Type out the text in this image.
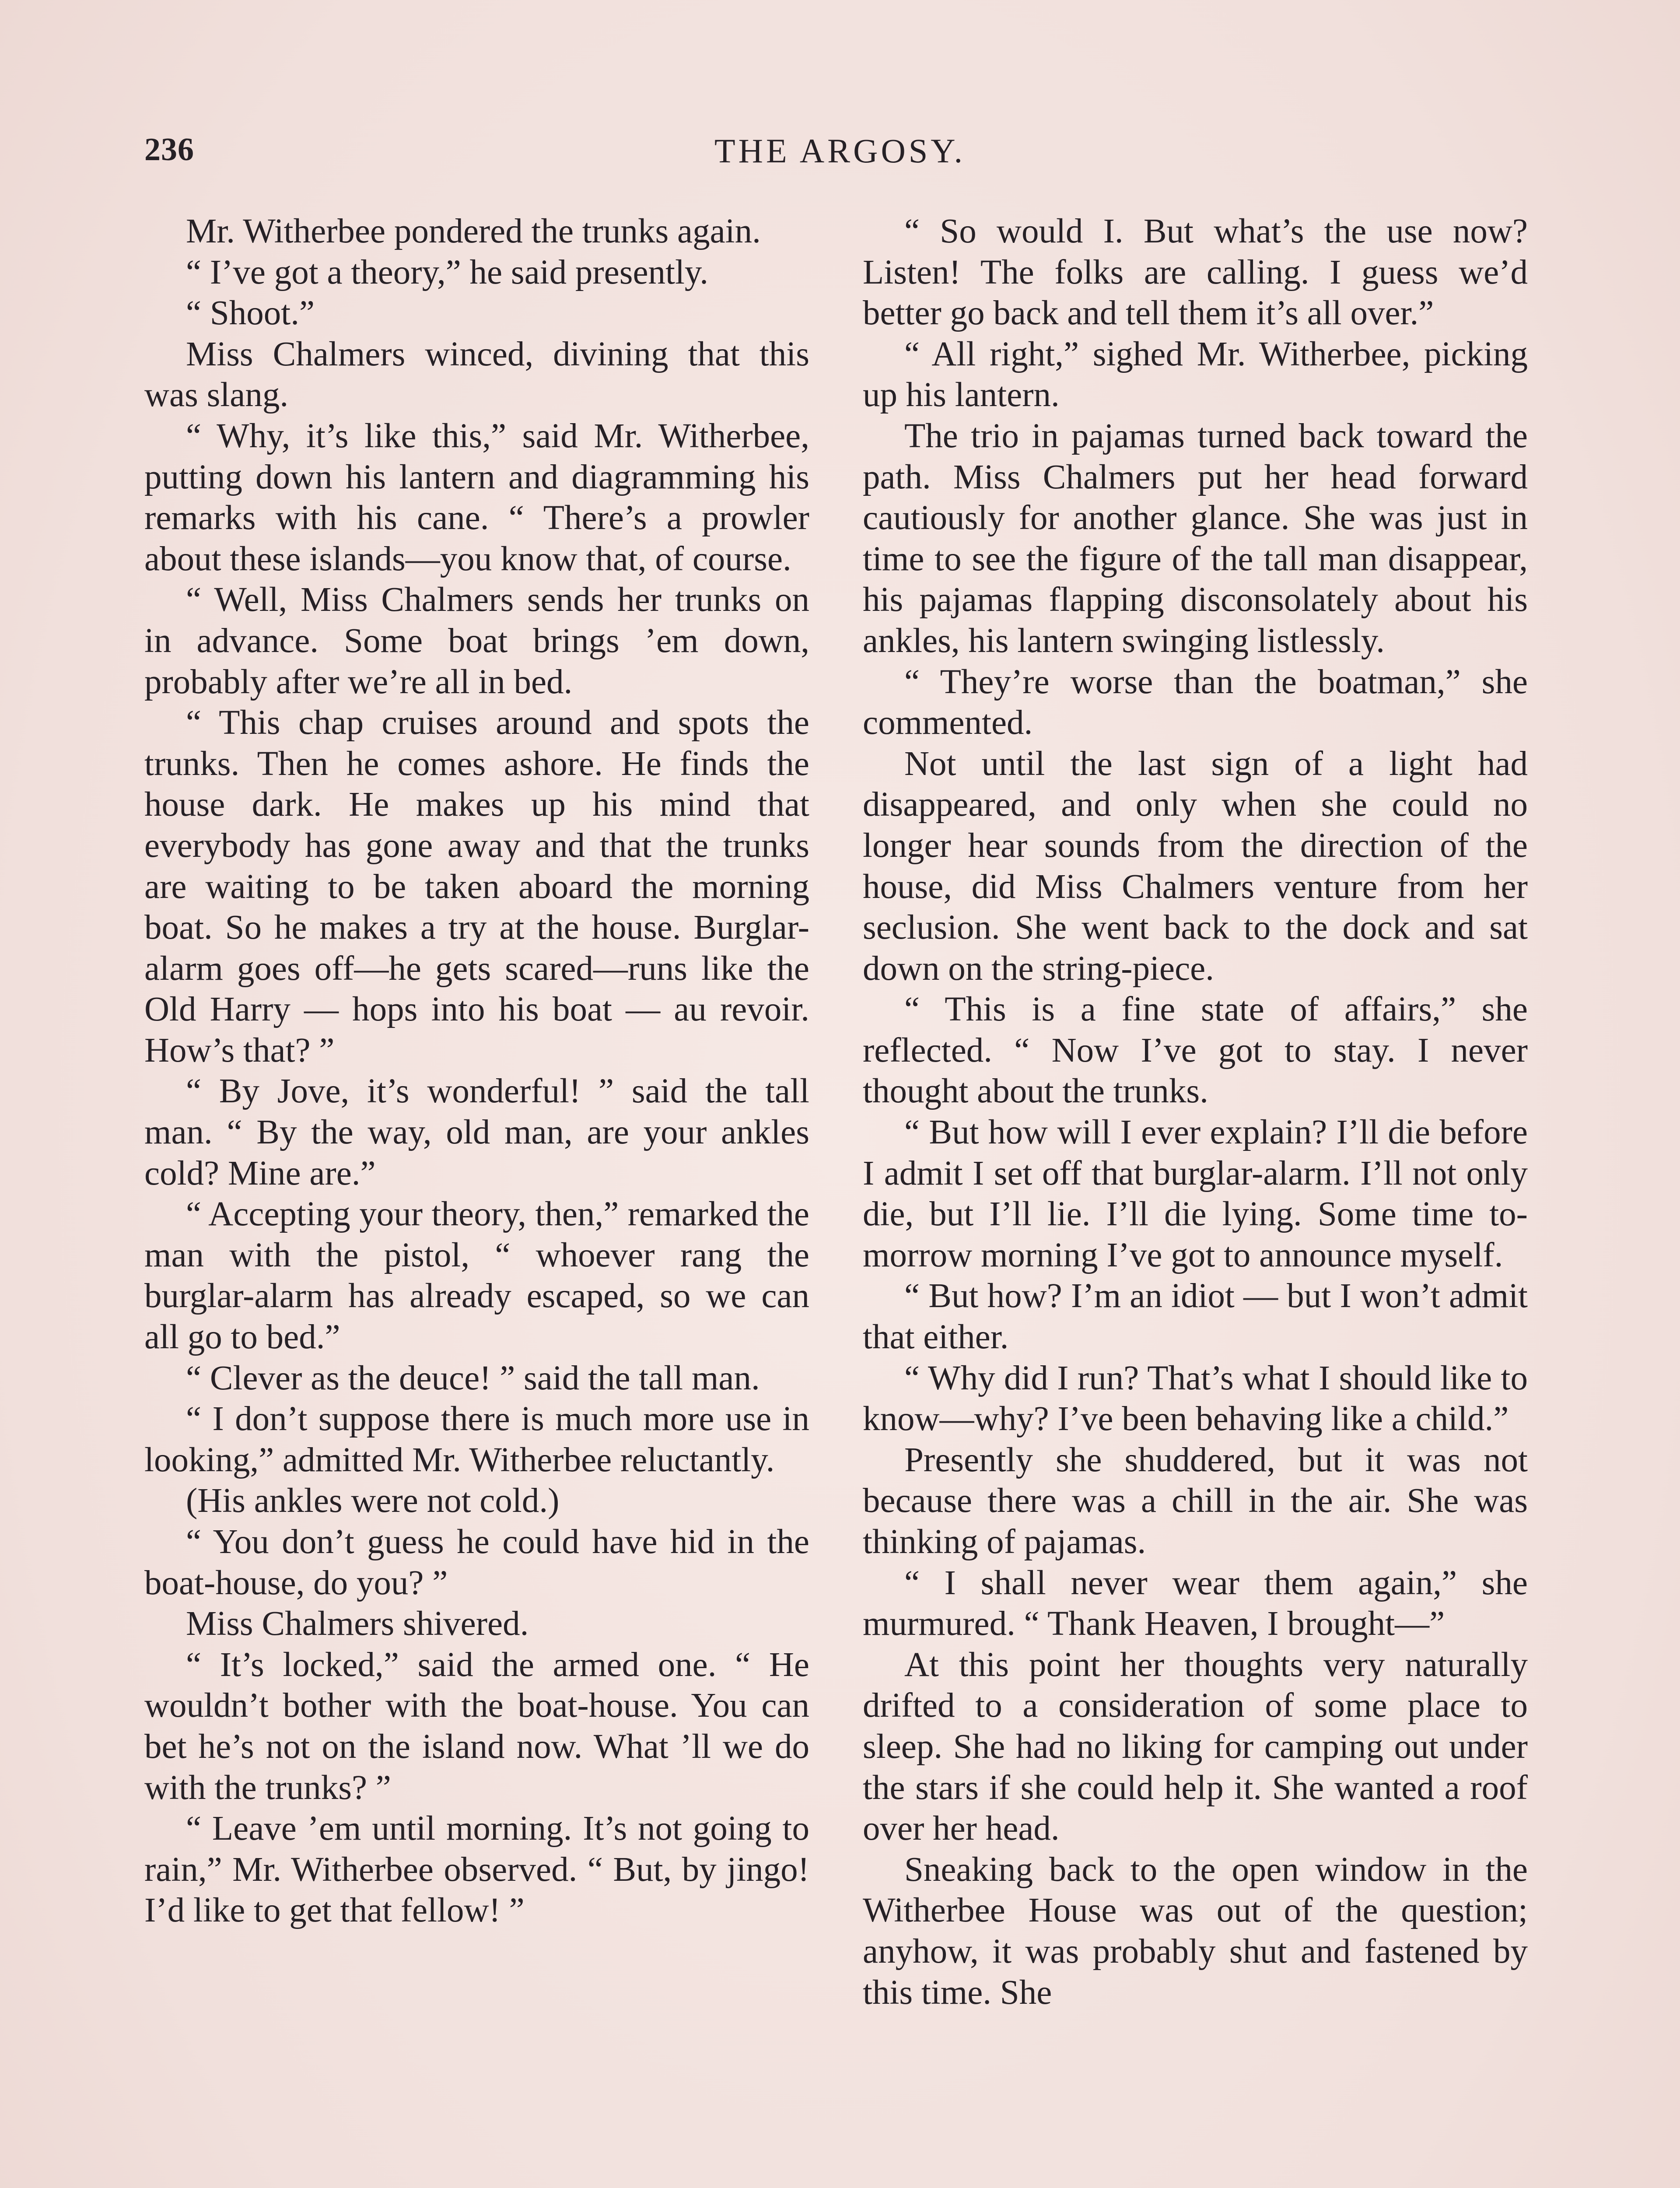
236	THE ARGOSY.

Mr. Witherbee pondered the trunks again.

“ I’ve got a theory,” he said presently.

“ Shoot.”

Miss Chalmers winced, divining that this was slang.

“ Why, it’s like this,” said Mr. Witherbee, putting down his lantern and diagramming his remarks with his cane. “ There’s a prowler about these islands—you know that, of course.

“ Well, Miss Chalmers sends her trunks on in advance. Some boat brings ’em down, probably after we’re all in bed.

“ This chap cruises around and spots the trunks. Then he comes ashore. He finds the house dark. He makes up his mind that everybody has gone away and that the trunks are waiting to be taken aboard the morning boat. So he makes a try at the house. Burglar-alarm goes off—he gets scared—runs like the Old Harry — hops into his boat — au revoir. How’s that? ”

“ By Jove, it’s wonderful! ” said the tall man. “ By the way, old man, are your ankles cold? Mine are.”

“ Accepting your theory, then,” remarked the man with the pistol, “ whoever rang the burglar-alarm has already escaped, so we can all go to bed.”

“ Clever as the deuce! ” said the tall man.

“ I don’t suppose there is much more use in looking,” admitted Mr. Witherbee reluctantly.

(His ankles were not cold.)

“ You don’t guess he could have hid in the boat-house, do you? ”

Miss Chalmers shivered.

“ It’s locked,” said the armed one. “ He wouldn’t bother with the boat-house. You can bet he’s not on the island now. What ’ll we do with the trunks? ”

“ Leave ’em until morning. It’s not going to rain,” Mr. Witherbee observed. “ But, by jingo! I’d like to get that fellow! ”

“ So would I. But what’s the use now? Listen! The folks are calling. I guess we’d better go back and tell them it’s all over.”

“ All right,” sighed Mr. Witherbee, picking up his lantern.

The trio in pajamas turned back toward the path. Miss Chalmers put her head forward cautiously for another glance. She was just in time to see the figure of the tall man disappear, his pajamas flapping disconsolately about his ankles, his lantern swinging listlessly.

“ They’re worse than the boatman,” she commented.

Not until the last sign of a light had disappeared, and only when she could no longer hear sounds from the direction of the house, did Miss Chalmers venture from her seclusion. She went back to the dock and sat down on the string-piece.

“ This is a fine state of affairs,” she reflected. “ Now I’ve got to stay. I never thought about the trunks.

“ But how will I ever explain? I’ll die before I admit I set off that burglar-alarm. I’ll not only die, but I’ll lie. I’ll die lying. Some time to-morrow morning I’ve got to announce myself.

“ But how? I’m an idiot — but I won’t admit that either.

“ Why did I run? That’s what I should like to know—why? I’ve been behaving like a child.”

Presently she shuddered, but it was not because there was a chill in the air. She was thinking of pajamas.

“ I shall never wear them again,” she murmured. “ Thank Heaven, I brought—”

At this point her thoughts very naturally drifted to a consideration of some place to sleep. She had no liking for camping out under the stars if she could help it. She wanted a roof over her head.

Sneaking back to the open window in the Witherbee House was out of the question; anyhow, it was probably shut and fastened by this time. She
